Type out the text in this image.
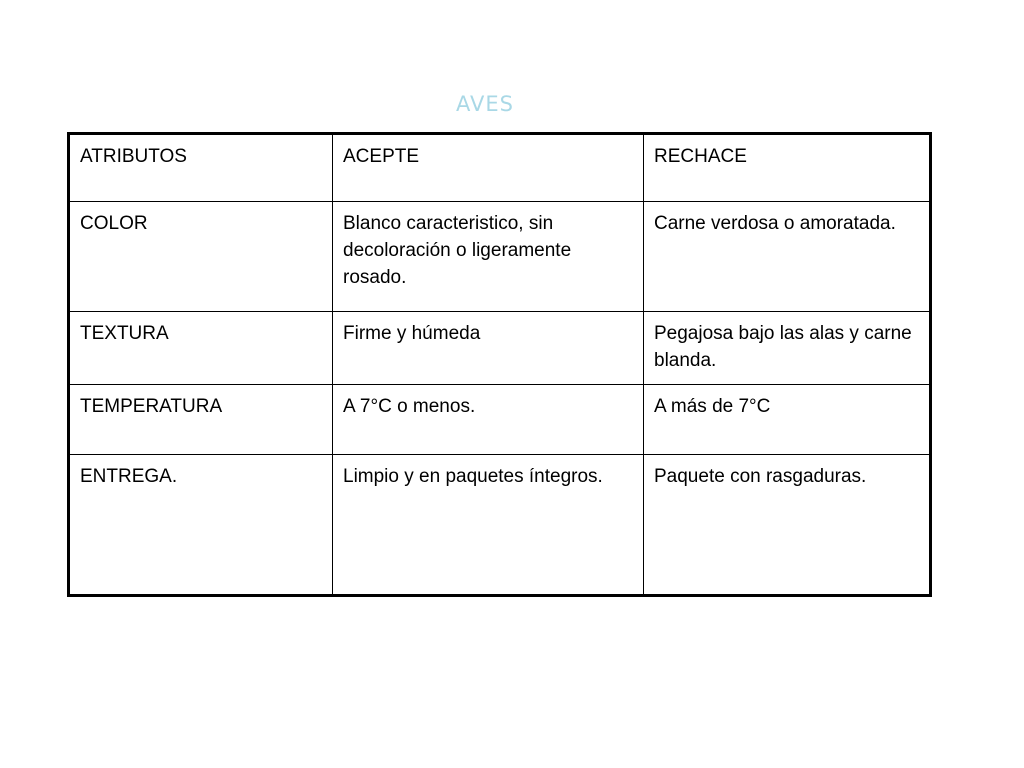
AVES
ATRIBUTOS	ACEPTE	RECHACE
COLOR	Blanco caracteristico, sin decoloración o ligeramente rosado.	Carne verdosa o amoratada.
TEXTURA	Firme y húmeda	Pegajosa bajo las alas y carne blanda.
TEMPERATURA	A 7°C o menos.	A más de 7°C
ENTREGA.	Limpio y en paquetes íntegros.	Paquete con rasgaduras.
